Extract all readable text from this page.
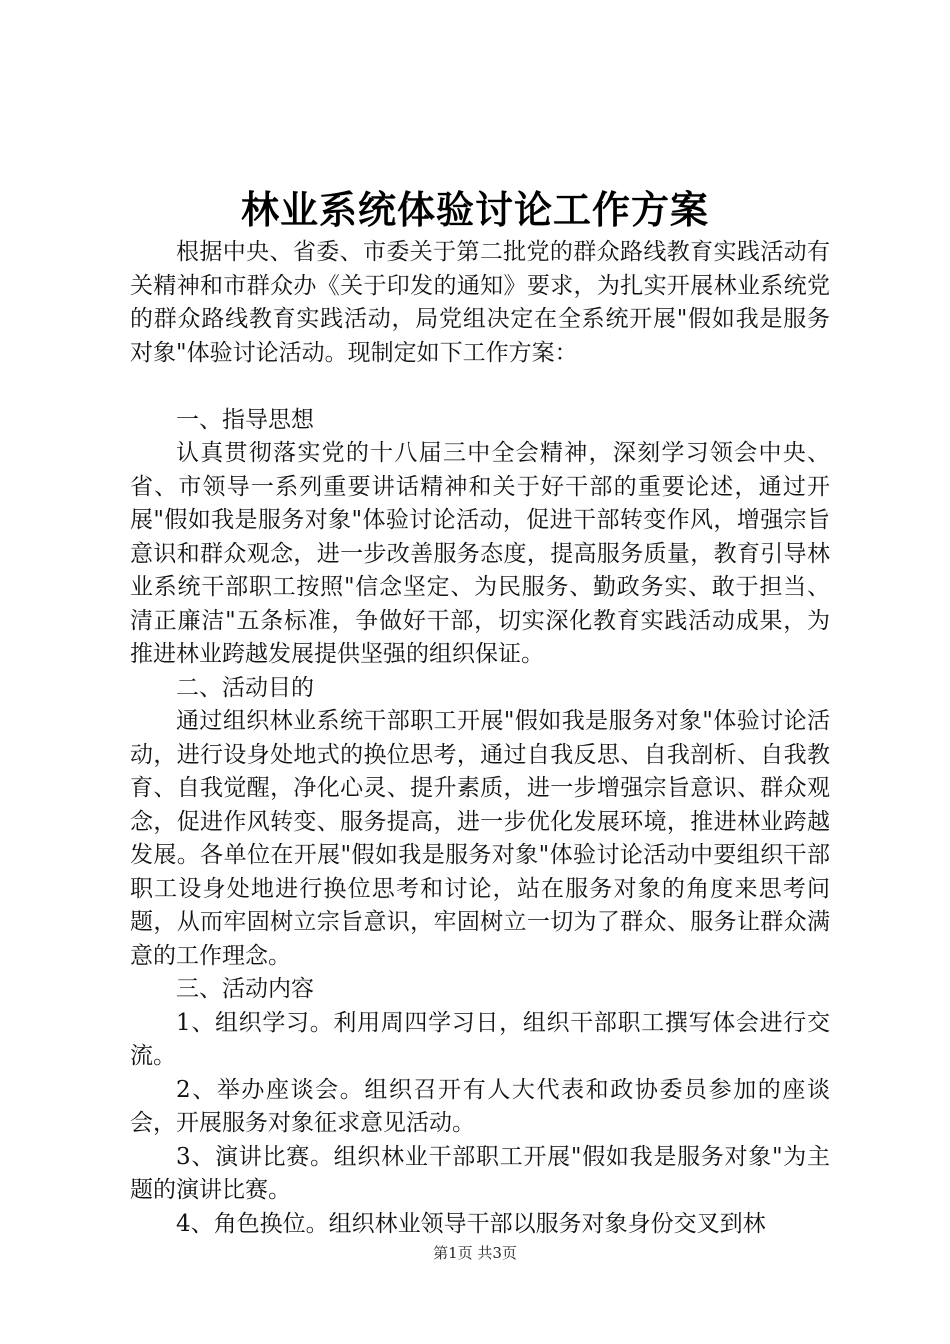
林业系统体验讨论工作方案

根据中央、省委、市委关于第二批党的群众路线教育实践活动有关精神和市群众办《关于印发的通知》要求，为扎实开展林业系统党的群众路线教育实践活动，局党组决定在全系统开展"假如我是服务对象"体验讨论活动。现制定如下工作方案：

一、指导思想

认真贯彻落实党的十八届三中全会精神，深刻学习领会中央、省、市领导一系列重要讲话精神和关于好干部的重要论述，通过开展"假如我是服务对象"体验讨论活动，促进干部转变作风，增强宗旨意识和群众观念，进一步改善服务态度，提高服务质量，教育引导林业系统干部职工按照"信念坚定、为民服务、勤政务实、敢于担当、清正廉洁"五条标准，争做好干部，切实深化教育实践活动成果，为推进林业跨越发展提供坚强的组织保证。

二、活动目的

通过组织林业系统干部职工开展"假如我是服务对象"体验讨论活动，进行设身处地式的换位思考，通过自我反思、自我剖析、自我教育、自我觉醒，净化心灵、提升素质，进一步增强宗旨意识、群众观念，促进作风转变、服务提高，进一步优化发展环境，推进林业跨越发展。各单位在开展"假如我是服务对象"体验讨论活动中要组织干部职工设身处地进行换位思考和讨论，站在服务对象的角度来思考问题，从而牢固树立宗旨意识，牢固树立一切为了群众、服务让群众满意的工作理念。

三、活动内容

1、组织学习。利用周四学习日，组织干部职工撰写体会进行交流。

2、举办座谈会。组织召开有人大代表和政协委员参加的座谈会，开展服务对象征求意见活动。

3、演讲比赛。组织林业干部职工开展"假如我是服务对象"为主题的演讲比赛。

4、角色换位。组织林业领导干部以服务对象身份交叉到林

第1页 共3页
